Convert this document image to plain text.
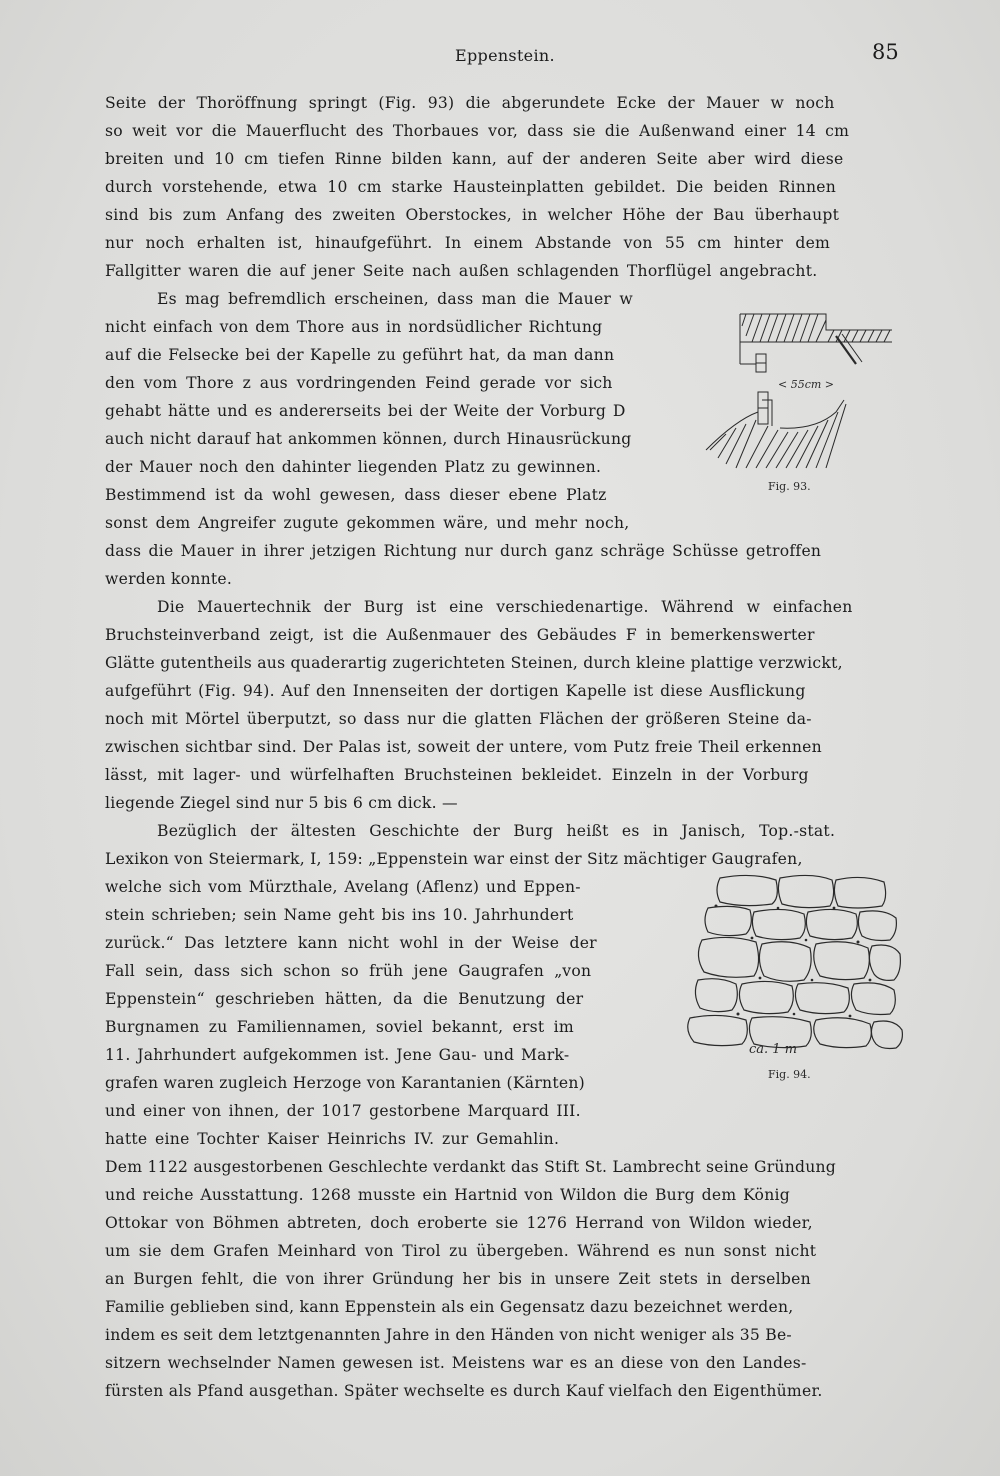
Eppenstein.	85
Seite der Thoröffnung springt (Fig. 93) die abgerundete Ecke der Mauer w noch
so weit vor die Mauerflucht des Thorbaues vor, dass sie die Außenwand einer 14 cm
breiten und 10 cm tiefen Rinne bilden kann, auf der anderen Seite aber wird diese
durch vorstehende, etwa 10 cm starke Hausteinplatten gebildet. Die beiden Rinnen
sind bis zum Anfang des zweiten Oberstockes, in welcher Höhe der Bau überhaupt
nur noch erhalten ist, hinaufgeführt. In einem Abstande von 55 cm hinter dem
Fallgitter waren die auf jener Seite nach außen schlagenden Thorflügel angebracht.
Es mag befremdlich erscheinen, dass man die Mauer w
nicht einfach von dem Thore aus in nordsüdlicher Richtung
auf die Felsecke bei der Kapelle zu geführt hat, da man dann
den vom Thore z aus vordringenden Feind gerade vor sich
gehabt hätte und es andererseits bei der Weite der Vorburg D
auch nicht darauf hat ankommen können, durch Hinausrückung
der Mauer noch den dahinter liegenden Platz zu gewinnen.
Bestimmend ist da wohl gewesen, dass dieser ebene Platz
sonst dem Angreifer zugute gekommen wäre, und mehr noch,
dass die Mauer in ihrer jetzigen Richtung nur durch ganz schräge Schüsse getroffen
werden konnte.
Die Mauertechnik der Burg ist eine verschiedenartige. Während w einfachen
Bruchsteinverband zeigt, ist die Außenmauer des Gebäudes F in bemerkenswerter
Glätte gutentheils aus quaderartig zugerichteten Steinen, durch kleine plattige verzwickt,
aufgeführt (Fig. 94). Auf den Innenseiten der dortigen Kapelle ist diese Ausflickung
noch mit Mörtel überputzt, so dass nur die glatten Flächen der größeren Steine da-
zwischen sichtbar sind. Der Palas ist, soweit der untere, vom Putz freie Theil erkennen
lässt, mit lager- und würfelhaften Bruchsteinen bekleidet. Einzeln in der Vorburg
liegende Ziegel sind nur 5 bis 6 cm dick. —
Bezüglich der ältesten Geschichte der Burg heißt es in Janisch, Top.-stat.
Lexikon von Steiermark, I, 159: „Eppenstein war einst der Sitz mächtiger Gaugrafen,
welche sich vom Mürzthale, Avelang (Aflenz) und Eppen-
stein schrieben; sein Name geht bis ins 10. Jahrhundert
zurück.“ Das letztere kann nicht wohl in der Weise der
Fall sein, dass sich schon so früh jene Gaugrafen „von
Eppenstein“ geschrieben hätten, da die Benutzung der
Burgnamen zu Familiennamen, soviel bekannt, erst im
11. Jahrhundert aufgekommen ist. Jene Gau- und Mark-
grafen waren zugleich Herzoge von Karantanien (Kärnten)
und einer von ihnen, der 1017 gestorbene Marquard III.
hatte eine Tochter Kaiser Heinrichs IV. zur Gemahlin.
Dem 1122 ausgestorbenen Geschlechte verdankt das Stift St. Lambrecht seine Gründung
und reiche Ausstattung. 1268 musste ein Hartnid von Wildon die Burg dem König
Ottokar von Böhmen abtreten, doch eroberte sie 1276 Herrand von Wildon wieder,
um sie dem Grafen Meinhard von Tirol zu übergeben. Während es nun sonst nicht
an Burgen fehlt, die von ihrer Gründung her bis in unsere Zeit stets in derselben
Familie geblieben sind, kann Eppenstein als ein Gegensatz dazu bezeichnet werden,
indem es seit dem letztgenannten Jahre in den Händen von nicht weniger als 35 Be-
sitzern wechselnder Namen gewesen ist. Meistens war es an diese von den Landes-
fürsten als Pfand ausgethan. Später wechselte es durch Kauf vielfach den Eigenthümer.
< 55cm >
Fig. 93.
ca. 1 m
Fig. 94.
